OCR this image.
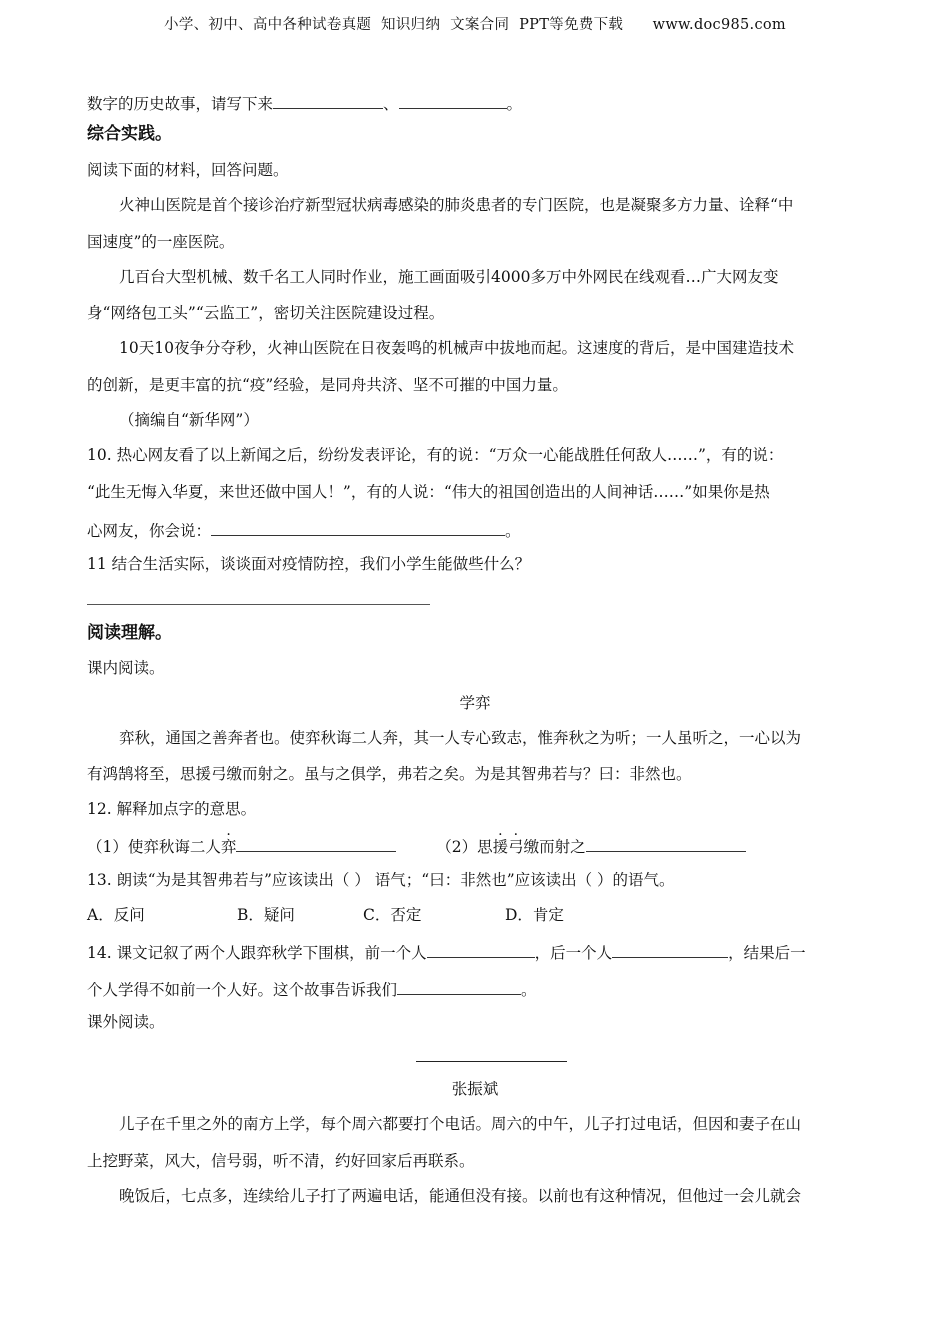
小学、初中、高中各种试卷真题  知识归纳  文案合同  PPT等免费下载      www.doc985.com
数字的历史故事，请写下来	、	。
综合实践。
阅读下面的材料，回答问题。
火神山医院是首个接诊治疗新型冠状病毒感染的肺炎患者的专门医院，也是凝聚多方力量、诠释“中
国速度”的一座医院。
几百台大型机械、数千名工人同时作业，施工画面吸引4000多万中外网民在线观看…广大网友变
身“网络包工头”“云监工”，密切关注医院建设过程。
10天10夜争分夺秒，火神山医院在日夜轰鸣的机械声中拔地而起。这速度的背后，是中国建造技术
的创新，是更丰富的抗“疫”经验，是同舟共济、坚不可摧的中国力量。
（摘编自“新华网”）
10. 热心网友看了以上新闻之后，纷纷发表评论，有的说：“万众一心能战胜任何敌人……”，有的说：
“此生无悔入华夏，来世还做中国人！”，有的人说：“伟大的祖国创造出的人间神话……”如果你是热
心网友，你会说：	。
11 结合生活实际，谈谈面对疫情防控，我们小学生能做些什么？
阅读理解。
课内阅读。
学弈
弈秋，通国之善奔者也。使弈秋诲二人奔，其一人专心致志，惟奔秋之为听；一人虽听之，一心以为
有鸿鹄将至，思援弓缴而射之。虽与之俱学，弗若之矣。为是其智弗若与？曰：非然也。
12. 解释加点字的意思。
（1）使弈秋诲二人弈	（2）思援弓缴而射之
13. 朗读“为是其智弗若与”应该读出（ ） 语气；“曰：非然也”应该读出（ ）的语气。
A．反问	B．疑问	C．否定	D．肯定
14. 课文记叙了两个人跟弈秋学下围棋，前一个人	，后一个人	，结果后一
个人学得不如前一个人好。这个故事告诉我们	。
课外阅读。
张振斌
儿子在千里之外的南方上学，每个周六都要打个电话。周六的中午，儿子打过电话，但因和妻子在山
上挖野菜，风大，信号弱，听不清，约好回家后再联系。
晚饭后，七点多，连续给儿子打了两遍电话，能通但没有接。以前也有这种情况，但他过一会儿就会
